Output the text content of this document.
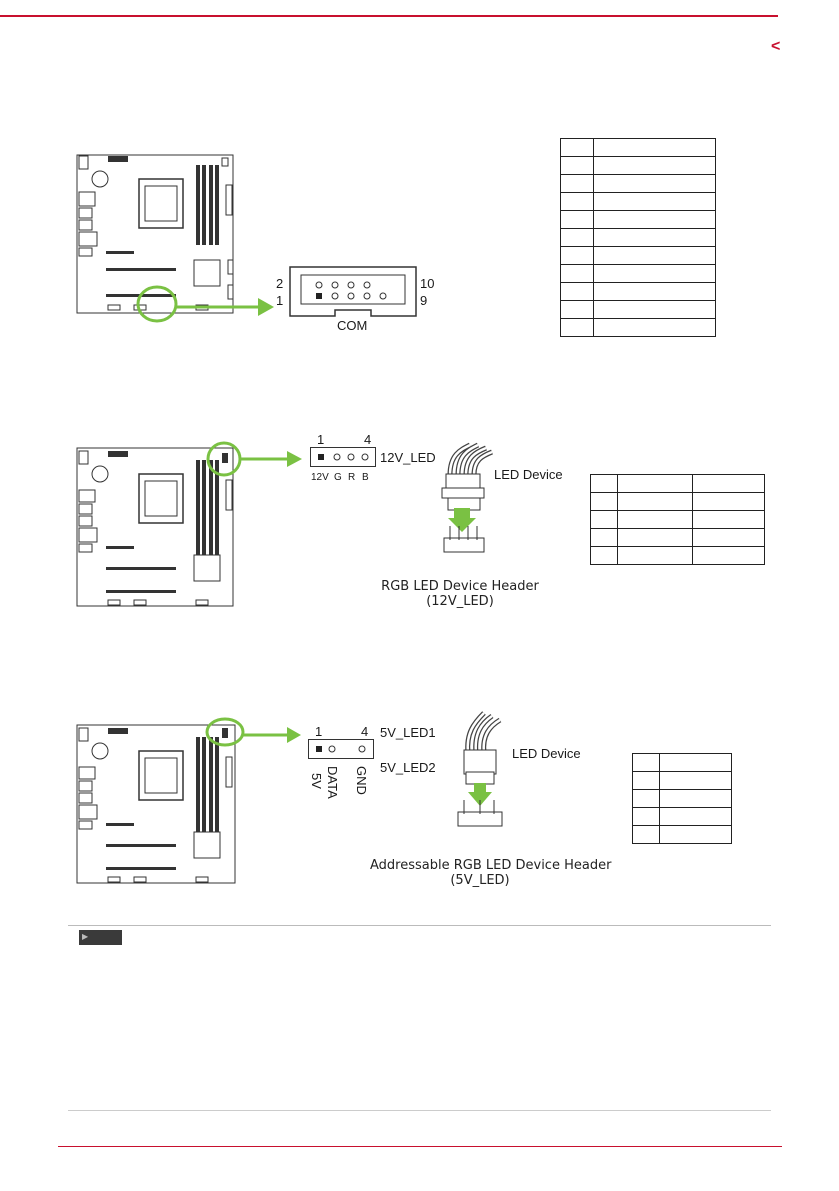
<
2
1
10
9
COM

1	4
12V_LED
12V G R B	LED Device
RGB LED Device Header
(12V_LED)

1	4 5V_LED1
5V_LED2
5V DATA GND
LED Device
Addressable RGB LED Device Header
(5V_LED)

▶
